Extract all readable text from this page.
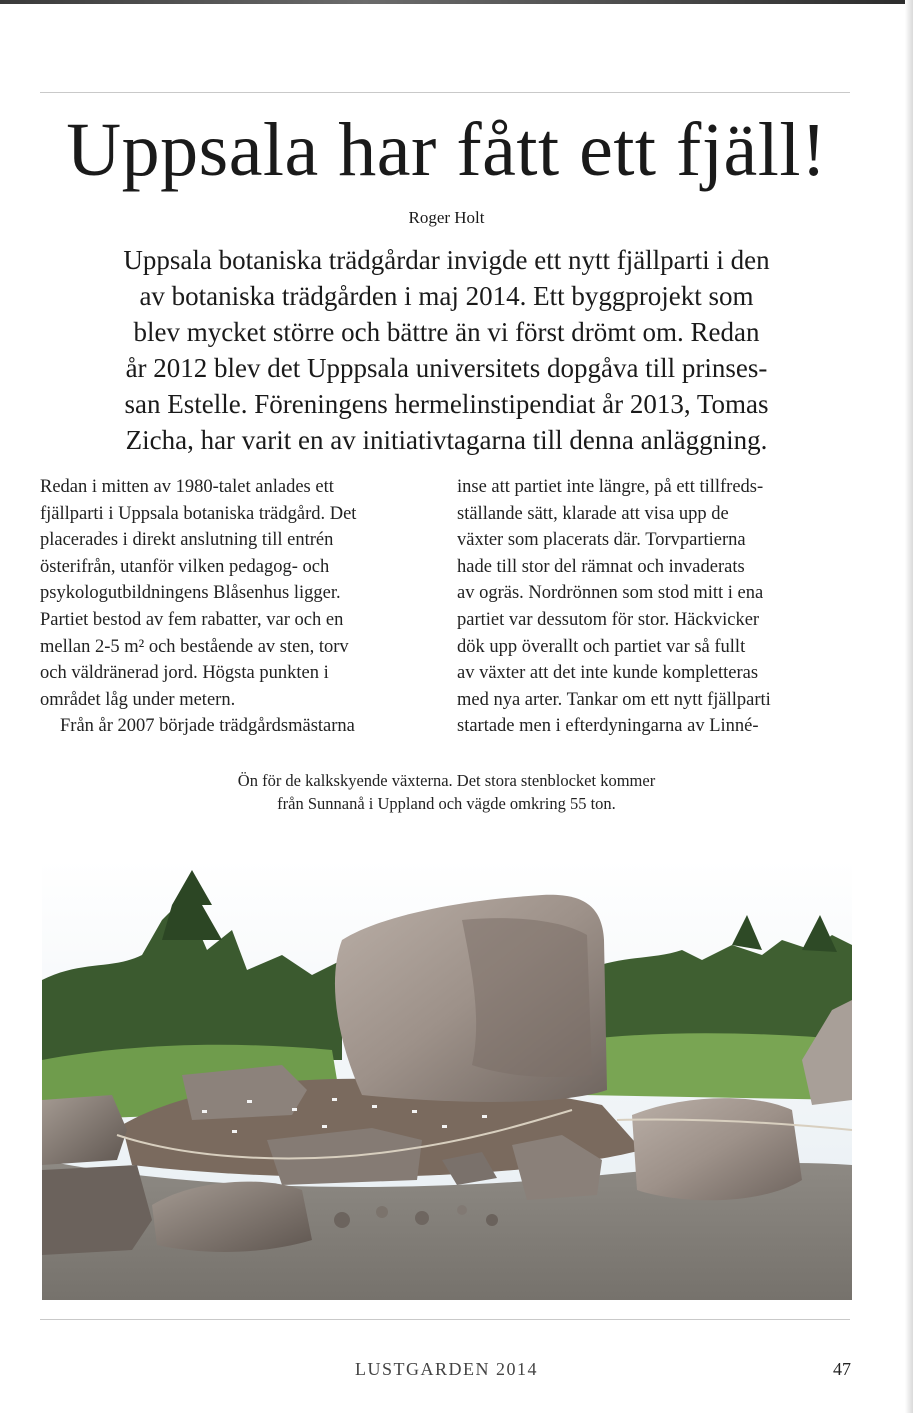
Uppsala har fått ett fjäll!
Roger Holt

Uppsala botaniska trädgårdar invigde ett nytt fjällparti i den

av botaniska trädgården i maj 2014. Ett byggprojekt som

blev mycket större och bättre än vi först drömt om. Redan

år 2012 blev det Upppsala universitets dopgåva till prinses-

san Estelle. Föreningens hermelinstipendiat år 2013, Tomas

Zicha, har varit en av initiativtagarna till denna anläggning.

Redan i mitten av 1980-talet anlades ett

fjällparti i Uppsala botaniska trädgård. Det

placerades i direkt anslutning till entrén

österifrån, utanför vilken pedagog- och

psykologutbildningens Blåsenhus ligger.

Partiet bestod av fem rabatter, var och en

mellan 2-5 m² och bestående av sten, torv

och väldränerad jord. Högsta punkten i

området låg under metern.

Från år 2007 började trädgårdsmästarna

inse att partiet inte längre, på ett tillfreds-

ställande sätt, klarade att visa upp de

växter som placerats där. Torvpartierna

hade till stor del rämnat och invaderats

av ogräs. Nordrönnen som stod mitt i ena

partiet var dessutom för stor. Häckvicker

dök upp överallt och partiet var så fullt

av växter att det inte kunde kompletteras

med nya arter. Tankar om ett nytt fjällparti

startade men i efterdyningarna av Linné-

Ön för de kalkskyende växterna. Det stora stenblocket kommer
från Sunnanå i Uppland och vägde omkring 55 ton.
LUSTGARDEN 2014	47
